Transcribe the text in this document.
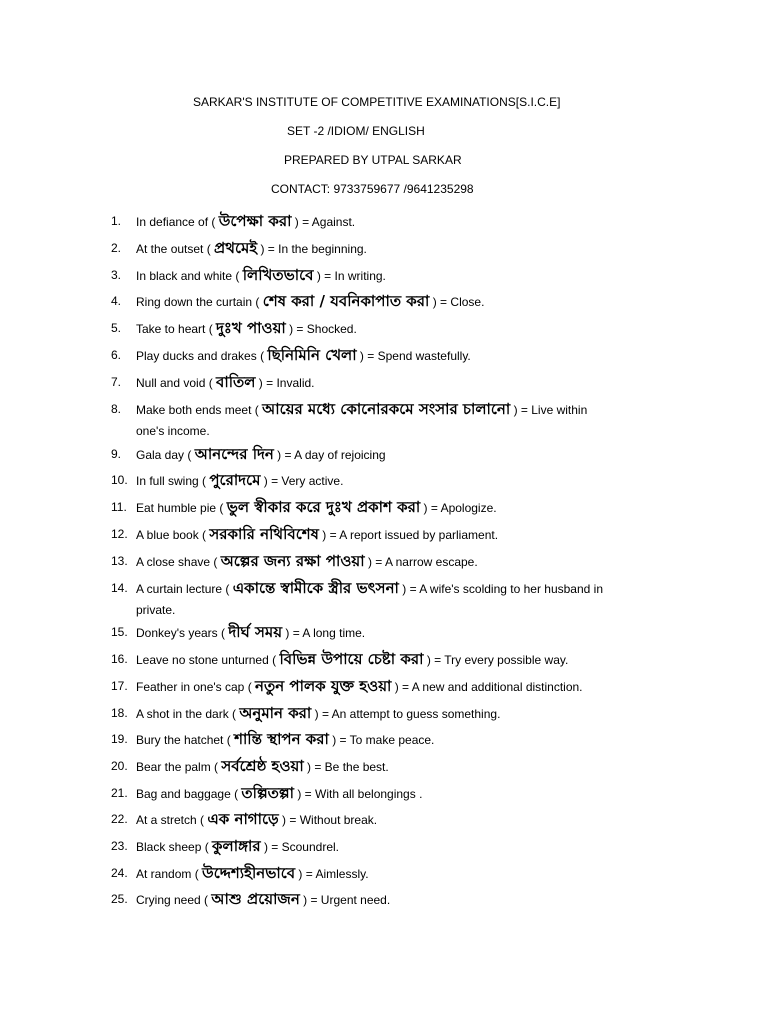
SARKAR'S INSTITUTE OF COMPETITIVE EXAMINATIONS[S.I.C.E]
SET -2 /IDIOM/ ENGLISH
PREPARED BY UTPAL SARKAR
CONTACT: 9733759677 /9641235298
1.	In defiance of ( উপেক্ষা করা ) = Against.
2.	At the outset ( প্রথমেই ) = In the beginning.
3.	In black and white ( লিখিতভাবে ) = In writing.
4.	Ring down the curtain ( শেষ করা / যবনিকাপাত করা ) = Close.
5.	Take to heart ( দুঃখ পাওয়া ) = Shocked.
6.	Play ducks and drakes ( ছিনিমিনি খেলা ) = Spend wastefully.
7.	Null and void ( বাতিল ) = Invalid.
8.	Make both ends meet ( আয়ের মধ্যে কোনোরকমে সংসার চালানো ) = Live within
one's income.
9.	Gala day ( আনন্দের দিন ) = A day of rejoicing
10. In full swing ( পুরোদমে ) = Very active.
11. Eat humble pie ( ভুল স্বীকার করে দুঃখ প্রকাশ করা ) = Apologize.
12. A blue book ( সরকারি নথিবিশেষ ) = A report issued by parliament.
13. A close shave ( অল্পের জন্য রক্ষা পাওয়া ) = A narrow escape.
14. A curtain lecture ( একান্তে স্বামীকে স্ত্রীর ভৎসনা ) = A wife's scolding to her husband in
private.
15. Donkey's years ( দীর্ঘ সময় ) = A long time.
16. Leave no stone unturned ( বিভিন্ন উপায়ে চেষ্টা করা ) = Try every possible way.
17. Feather in one's cap ( নতুন পালক যুক্ত হওয়া ) = A new and additional distinction.
18. A shot in the dark ( অনুমান করা ) = An attempt to guess something.
19. Bury the hatchet ( শান্তি স্থাপন করা ) = To make peace.
20. Bear the palm ( সর্বশ্রেষ্ঠ হওয়া ) = Be the best.
21. Bag and baggage ( তল্পিতল্পা ) = With all belongings .
22. At a stretch ( এক নাগাড়ে ) = Without break.
23. Black sheep ( কুলাঙ্গার ) = Scoundrel.
24. At random ( উদ্দেশ্যহীনভাবে ) = Aimlessly.
25. Crying need ( আশু প্রয়োজন ) = Urgent need.
